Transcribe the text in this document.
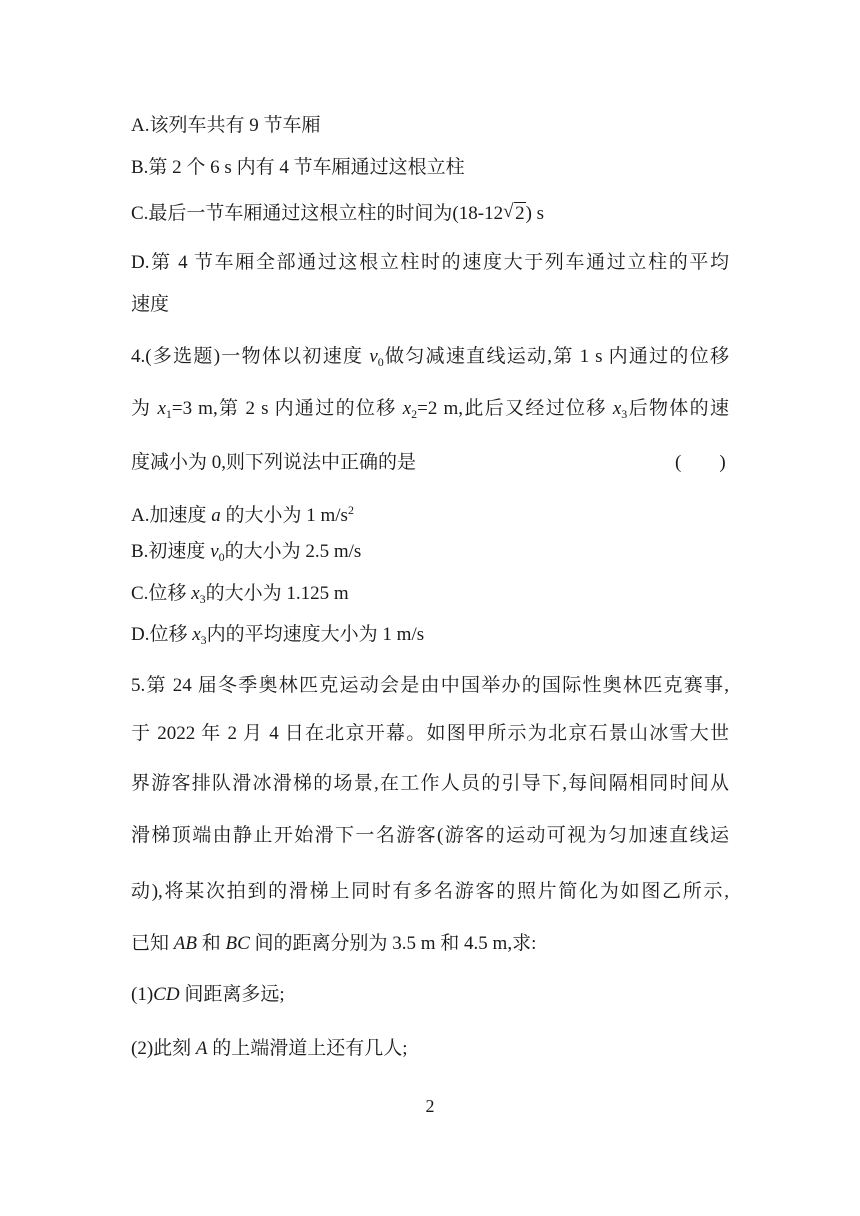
A.该列车共有 9 节车厢
B.第 2 个 6 s 内有 4 节车厢通过这根立柱
C.最后一节车厢通过这根立柱的时间为(18-12 √ 2) s
D.第 4 节车厢全部通过这根立柱时的速度大于列车通过立柱的平均
速度
4.(多选题)一物体以初速度 $v_0$做匀减速直线运动,第 1 s 内通过的位移
为 $x_1=3$ m,第 2 s 内通过的位移 $x_2=2$ m,此后又经过位移 $x_3$后物体的速
度减小为 0,则下列说法中正确的是	(　　)
A.加速度 a 的大小为 1 $m/s^2$
B.初速度 $v_0$的大小为 2.5 m/s
C.位移 $x_3$的大小为 1.125 m
D.位移 $x_3$内的平均速度大小为 1 m/s
5.第 24 届冬季奥林匹克运动会是由中国举办的国际性奥林匹克赛事,
于 2022 年 2 月 4 日在北京开幕。如图甲所示为北京石景山冰雪大世
界游客排队滑冰滑梯的场景,在工作人员的引导下,每间隔相同时间从
滑梯顶端由静止开始滑下一名游客(游客的运动可视为匀加速直线运
动),将某次拍到的滑梯上同时有多名游客的照片简化为如图乙所示,
已知 AB 和 BC 间的距离分别为 3.5 m 和 4.5 m,求:
(1)CD 间距离多远;
(2)此刻 A 的上端滑道上还有几人;
2
